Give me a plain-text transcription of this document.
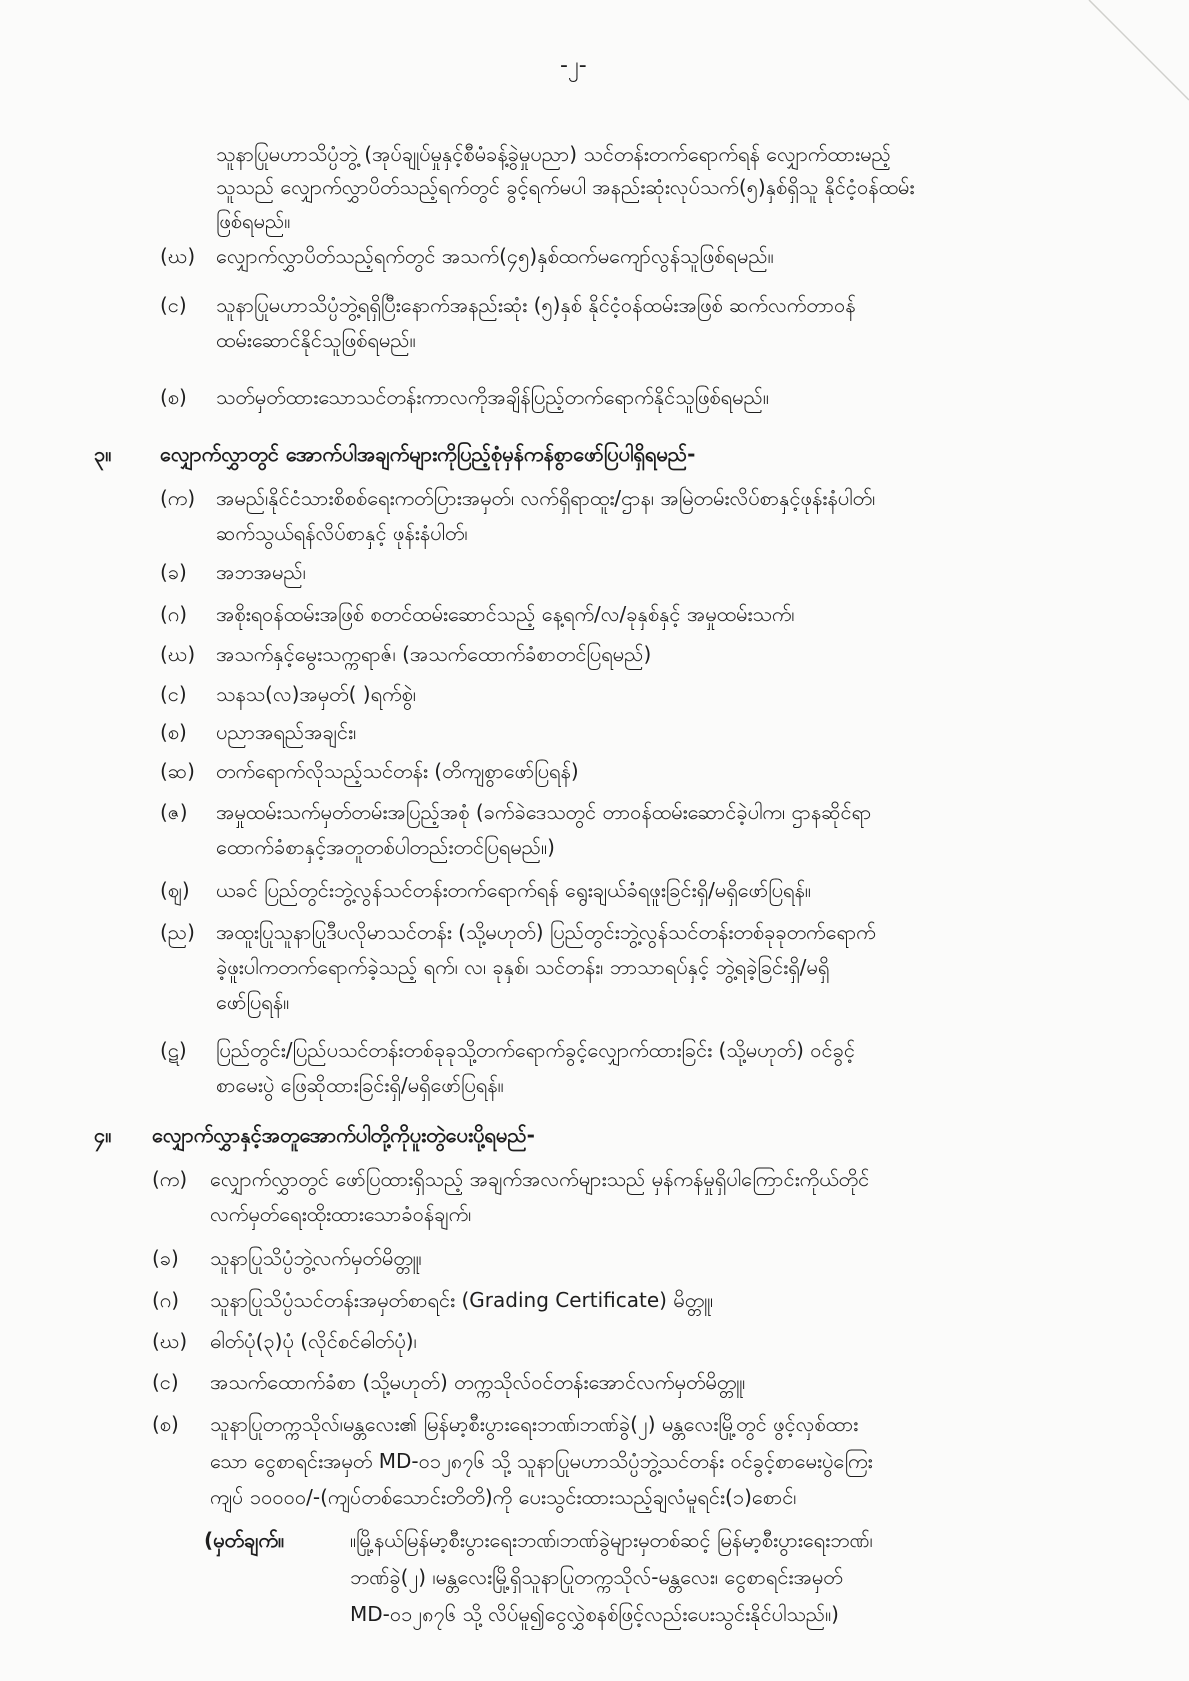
-၂-
သူနာပြုမဟာသိပ္ပံဘွဲ့ (အုပ်ချုပ်မှုနှင့်စီမံခန့်ခွဲမှုပညာ) သင်တန်းတက်ရောက်ရန် လျှောက်ထားမည့်
သူသည် လျှောက်လွှာပိတ်သည့်ရက်တွင် ခွင့်ရက်မပါ အနည်းဆုံးလုပ်သက်(၅)နှစ်ရှိသူ နိုင်ငံ့ဝန်ထမ်း
ဖြစ်ရမည်။
(ဃ) လျှောက်လွှာပိတ်သည့်ရက်တွင် အသက်(၄၅)နှစ်ထက်မကျော်လွန်သူဖြစ်ရမည်။
(င) သူနာပြုမဟာသိပ္ပံဘွဲ့ရရှိပြီးနောက်အနည်းဆုံး (၅)နှစ် နိုင်ငံ့ဝန်ထမ်းအဖြစ် ဆက်လက်တာဝန်
ထမ်းဆောင်နိုင်သူဖြစ်ရမည်။
(စ) သတ်မှတ်ထားသောသင်တန်းကာလကိုအချိန်ပြည့်တက်ရောက်နိုင်သူဖြစ်ရမည်။
၃။ လျှောက်လွှာတွင် အောက်ပါအချက်များကိုပြည့်စုံမှန်ကန်စွာဖော်ပြပါရှိရမည်-
(က) အမည်၊နိုင်ငံသားစိစစ်ရေးကတ်ပြားအမှတ်၊ လက်ရှိရာထူး/ဌာန၊ အမြဲတမ်းလိပ်စာနှင့်ဖုန်းနံပါတ်၊
ဆက်သွယ်ရန်လိပ်စာနှင့် ဖုန်းနံပါတ်၊
(ခ) အဘအမည်၊
(ဂ) အစိုးရဝန်ထမ်းအဖြစ် စတင်ထမ်းဆောင်သည့် နေ့ရက်/လ/ခုနှစ်နှင့် အမှုထမ်းသက်၊
(ဃ) အသက်နှင့်မွေးသက္ကရာဇ်၊ (အသက်ထောက်ခံစာတင်ပြရမည်)
(င) သနသ(လ)အမှတ်( )ရက်စွဲ၊
(စ) ပညာအရည်အချင်း၊
(ဆ) တက်ရောက်လိုသည့်သင်တန်း (တိကျစွာဖော်ပြရန်)
(ဇ) အမှုထမ်းသက်မှတ်တမ်းအပြည့်အစုံ (ခက်ခဲဒေသတွင် တာဝန်ထမ်းဆောင်ခဲ့ပါက၊ ဌာနဆိုင်ရာ
ထောက်ခံစာနှင့်အတူတစ်ပါတည်းတင်ပြရမည်။)
(ဈ) ယခင် ပြည်တွင်းဘွဲ့လွန်သင်တန်းတက်ရောက်ရန် ရွေးချယ်ခံရဖူးခြင်းရှိ/မရှိဖော်ပြရန်။
(ည) အထူးပြုသူနာပြုဒီပလိုမာသင်တန်း (သို့မဟုတ်) ပြည်တွင်းဘွဲ့လွန်သင်တန်းတစ်ခုခုတက်ရောက်
ခဲ့ဖူးပါကတက်ရောက်ခဲ့သည့် ရက်၊ လ၊ ခုနှစ်၊ သင်တန်း၊ ဘာသာရပ်နှင့် ဘွဲ့ရခဲ့ခြင်းရှိ/မရှိ
ဖော်ပြရန်။
(ဋ) ပြည်တွင်း/ပြည်ပသင်တန်းတစ်ခုခုသို့တက်ရောက်ခွင့်လျှောက်ထားခြင်း (သို့မဟုတ်) ဝင်ခွင့်
စာမေးပွဲ ဖြေဆိုထားခြင်းရှိ/မရှိဖော်ပြရန်။
၄။ လျှောက်လွှာနှင့်အတူအောက်ပါတို့ကိုပူးတွဲပေးပို့ရမည်-
(က) လျှောက်လွှာတွင် ဖော်ပြထားရှိသည့် အချက်အလက်များသည် မှန်ကန်မှုရှိပါကြောင်းကိုယ်တိုင်
လက်မှတ်ရေးထိုးထားသောခံဝန်ချက်၊
(ခ) သူနာပြုသိပ္ပံဘွဲ့လက်မှတ်မိတ္တူ၊
(ဂ) သူနာပြုသိပ္ပံသင်တန်းအမှတ်စာရင်း (Grading Certificate) မိတ္တူ၊
(ဃ) ဓါတ်ပုံ(၃)ပုံ (လိုင်စင်ဓါတ်ပုံ)၊
(င) အသက်ထောက်ခံစာ (သို့မဟုတ်) တက္ကသိုလ်ဝင်တန်းအောင်လက်မှတ်မိတ္တူ၊
(စ) သူနာပြုတက္ကသိုလ်၊မန္တလေး၏ မြန်မာ့စီးပွားရေးဘဏ်၊ဘဏ်ခွဲ(၂) မန္တလေးမြို့တွင် ဖွင့်လှစ်ထား
သော ငွေစာရင်းအမှတ် MD-၀၁၂၈၇၆ သို့ သူနာပြုမဟာသိပ္ပံဘွဲ့သင်တန်း ဝင်ခွင့်စာမေးပွဲကြေး
ကျပ် ၁၀၀၀၀/-(ကျပ်တစ်သောင်းတိတိ)ကို ပေးသွင်းထားသည့်ချလံမူရင်း(၁)စောင်၊
(မှတ်ချက်။	။မြို့နယ်မြန်မာ့စီးပွားရေးဘဏ်၊ဘဏ်ခွဲများမှတစ်ဆင့် မြန်မာ့စီးပွားရေးဘဏ်၊
ဘဏ်ခွဲ(၂) ၊မန္တလေးမြို့ရှိသူနာပြုတက္ကသိုလ်-မန္တလေး၊ ငွေစာရင်းအမှတ်
MD-၀၁၂၈၇၆ သို့ လိပ်မူ၍ငွေလွှဲစနစ်ဖြင့်လည်းပေးသွင်းနိုင်ပါသည်။)
